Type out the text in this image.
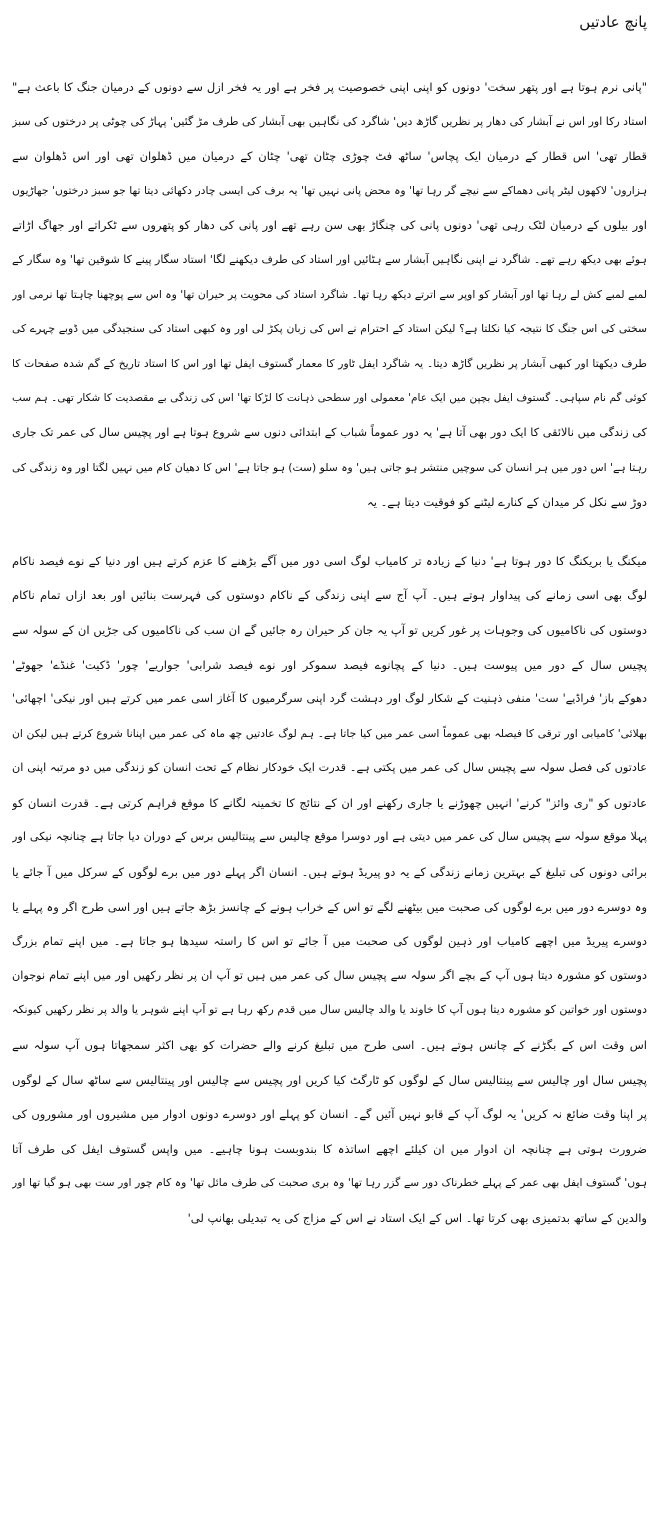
پانچ عادتیں
"پانی نرم ہوتا ہے اور پتھر سخت' دونوں کو اپنی اپنی خصوصیت پر فخر ہے اور یہ فخر ازل سے دونوں کے درمیان جنگ کا باعث ہے"
استاد رکا اور اس نے آبشار کی دھار پر نظریں گاڑھ دیں' شاگرد کی نگاہیں بھی آبشار کی طرف مڑ گئیں' پہاڑ کی چوٹی پر درختوں کی سبز
قطار تھی' اس قطار کے درمیان ایک پچاس' ساٹھ فٹ چوڑی چٹان تھی' چٹان کے درمیان میں ڈھلوان تھی اور اس ڈھلوان سے
ہزاروں' لاکھوں لیٹر پانی دھماکے سے نیچے گر رہا تھا' وہ محض پانی نہیں تھا' یہ برف کی ایسی چادر دکھائی دیتا تھا جو سبز درختوں' جھاڑیوں
اور بیلوں کے درمیان لٹک رہی تھی' دونوں پانی کی چنگاڑ بھی سن رہے تھے اور پانی کی دھار کو پتھروں سے ٹکراتے اور جھاگ اڑاتے
ہوئے بھی دیکھ رہے تھے۔ شاگرد نے اپنی نگاہیں آبشار سے ہٹائیں اور استاد کی طرف دیکھنے لگا' استاد سگار پینے کا شوقین تھا' وہ سگار کے
لمبے لمبے کش لے رہا تھا اور آبشار کو اوپر سے اترتے دیکھ رہا تھا۔ شاگرد استاد کی محویت پر حیران تھا' وہ اس سے پوچھنا چاہتا تھا نرمی اور
سختی کی اس جنگ کا نتیجہ کیا نکلتا ہے؟ لیکن استاد کے احترام نے اس کی زبان پکڑ لی اور وہ کبھی استاد کی سنجیدگی میں ڈوبے چہرے کی
طرف دیکھتا اور کبھی آبشار پر نظریں گاڑھ دیتا۔ یہ شاگرد ایفل ٹاور کا معمار گستوف ایفل تھا اور اس کا استاد تاریخ کے گم شدہ صفحات کا
کوئی گم نام سپاہی۔ گستوف ایفل بچپن میں ایک عام' معمولی اور سطحی ذہانت کا لڑکا تھا' اس کی زندگی بے مقصدیت کا شکار تھی۔ ہم سب
کی زندگی میں نالائقی کا ایک دور بھی آتا ہے' یہ دور عموماً شباب کے ابتدائی دنوں سے شروع ہوتا ہے اور پچیس سال کی عمر تک جاری
رہتا ہے' اس دور میں ہر انسان کی سوچیں منتشر ہو جاتی ہیں' وہ سلو (ست) ہو جاتا ہے' اس کا دھیان کام میں نہیں لگتا اور وہ زندگی کی
دوڑ سے نکل کر میدان کے کنارے لیٹنے کو فوقیت دیتا ہے۔ یہ
میکنگ یا بریکنگ کا دور ہوتا ہے' دنیا کے زیادہ تر کامیاب لوگ اسی دور میں آگے بڑھنے کا عزم کرتے ہیں اور دنیا کے نوے فیصد ناکام
لوگ بھی اسی زمانے کی پیداوار ہوتے ہیں۔ آپ آج سے اپنی زندگی کے ناکام دوستوں کی فہرست بنائیں اور بعد ازاں تمام ناکام
دوستوں کی ناکامیوں کی وجوہات پر غور کریں تو آپ یہ جان کر حیران رہ جائیں گے ان سب کی ناکامیوں کی جڑیں ان کے سولہ سے
پچیس سال کے دور میں پیوست ہیں۔ دنیا کے پچانوے فیصد سموکر اور نوے فیصد شرابی' جواریے' چور' ڈکیت' غنڈے' جھوٹے'
دھوکے باز' فراڈیے' ست' منفی ذہنیت کے شکار لوگ اور دہشت گرد اپنی سرگرمیوں کا آغاز اسی عمر میں کرتے ہیں اور نیکی' اچھائی'
بھلائی' کامیابی اور ترقی کا فیصلہ بھی عموماً اسی عمر میں کیا جاتا ہے۔ ہم لوگ عادتیں چھ ماہ کی عمر میں اپنانا شروع کرتے ہیں لیکن ان
عادتوں کی فصل سولہ سے پچیس سال کی عمر میں پکتی ہے۔ قدرت ایک خودکار نظام کے تحت انسان کو زندگی میں دو مرتبہ اپنی ان
عادتوں کو "ری وائز" کرنے' انہیں چھوڑنے یا جاری رکھنے اور ان کے نتائج کا تخمینہ لگانے کا موقع فراہم کرتی ہے۔ قدرت انسان کو
پہلا موقع سولہ سے پچیس سال کی عمر میں دیتی ہے اور دوسرا موقع چالیس سے پینتالیس برس کے دوران دیا جاتا ہے چنانچہ نیکی اور
برائی دونوں کی تبلیغ کے بہترین زمانے زندگی کے یہ دو پیریڈ ہوتے ہیں۔ انسان اگر پہلے دور میں برے لوگوں کے سرکل میں آ جائے یا
وہ دوسرے دور میں برے لوگوں کی صحبت میں بیٹھنے لگے تو اس کے خراب ہونے کے چانسز بڑھ جاتے ہیں اور اسی طرح اگر وہ پہلے یا
دوسرے پیریڈ میں اچھے کامیاب اور ذہین لوگوں کی صحبت میں آ جائے تو اس کا راستہ سیدھا ہو جاتا ہے۔ میں اپنے تمام بزرگ
دوستوں کو مشورہ دیتا ہوں آپ کے بچے اگر سولہ سے پچیس سال کی عمر میں ہیں تو آپ ان پر نظر رکھیں اور میں اپنے تمام نوجوان
دوستوں اور خواتین کو مشورہ دیتا ہوں آپ کا خاوند یا والد چالیس سال میں قدم رکھ رہا ہے تو آپ اپنے شوہر یا والد پر نظر رکھیں کیونکہ
اس وقت اس کے بگڑنے کے چانس ہوتے ہیں۔ اسی طرح میں تبلیغ کرنے والے حضرات کو بھی اکثر سمجھاتا ہوں آپ سولہ سے
پچیس سال اور چالیس سے پینتالیس سال کے لوگوں کو ٹارگٹ کیا کریں اور پچیس سے چالیس اور پینتالیس سے ساٹھ سال کے لوگوں
پر اپنا وقت ضائع نہ کریں' یہ لوگ آپ کے قابو نہیں آئیں گے۔ انسان کو پہلے اور دوسرے دونوں ادوار میں مشیروں اور مشوروں کی
ضرورت ہوتی ہے چنانچہ ان ادوار میں ان کیلئے اچھے اساتذہ کا بندوبست ہونا چاہیے۔ میں واپس گستوف ایفل کی طرف آتا
ہوں' گستوف ایفل بھی عمر کے پہلے خطرناک دور سے گزر رہا تھا' وہ بری صحبت کی طرف مائل تھا' وہ کام چور اور ست بھی ہو گیا تھا اور
والدین کے ساتھ بدتمیزی بھی کرتا تھا۔ اس کے ایک استاد نے اس کے مزاج کی یہ تبدیلی بھانپ لی'
